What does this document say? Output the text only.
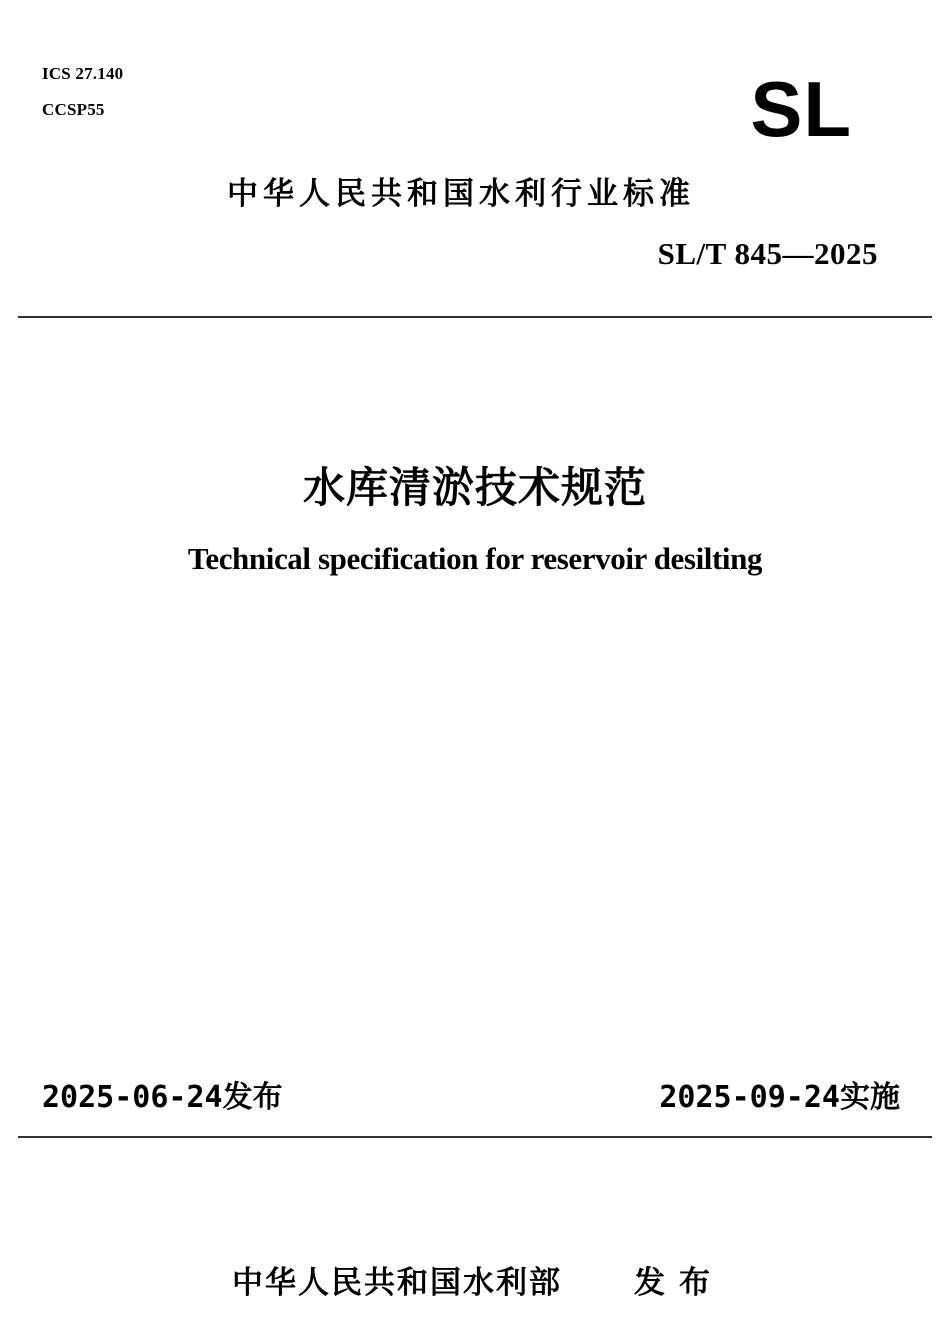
ICS 27.140
CCSP55	SL
中华人民共和国水利行业标准
SL/T 845—2025
水库清淤技术规范
Technical specification for reservoir desilting
2025-06-24发布	2025-09-24实施
中华人民共和国水利部 发布
